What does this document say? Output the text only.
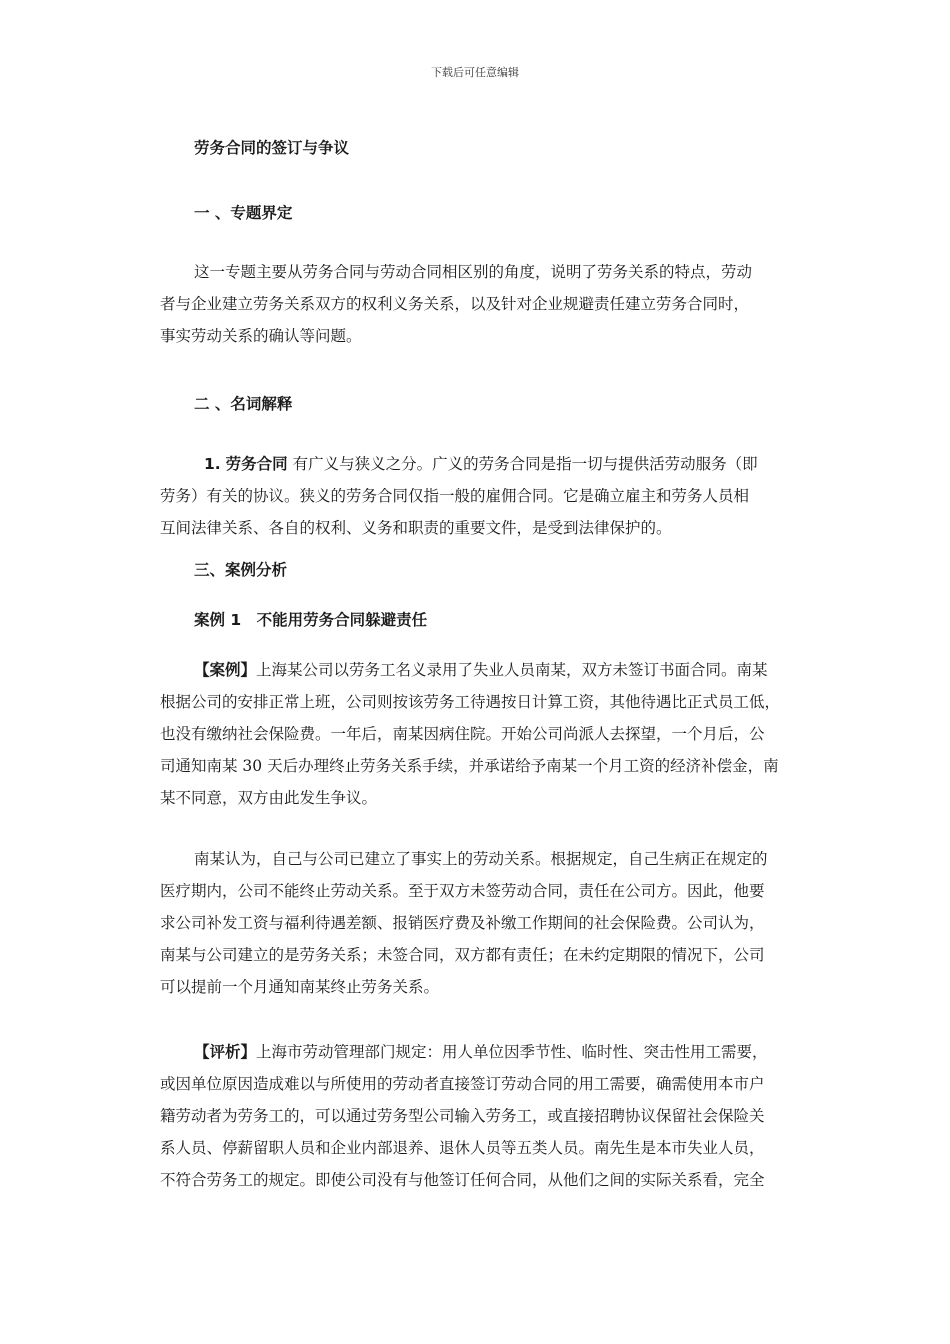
下载后可任意编辑
劳务合同的签订与争议
一 、专题界定
这一专题主要从劳务合同与劳动合同相区别的角度，说明了劳务关系的特点，劳动
者与企业建立劳务关系双方的权利义务关系，以及针对企业规避责任建立劳务合同时，
事实劳动关系的确认等问题。
二 、名词解释
1. 劳务合同 有广义与狭义之分。广义的劳务合同是指一切与提供活劳动服务（即
劳务）有关的协议。狭义的劳务合同仅指一般的雇佣合同。它是确立雇主和劳务人员相
互间法律关系、各自的权利、义务和职责的重要文件，是受到法律保护的。
三、案例分析
案例 1　不能用劳务合同躲避责任
【案例】上海某公司以劳务工名义录用了失业人员南某，双方未签订书面合同。南某
根据公司的安排正常上班，公司则按该劳务工待遇按日计算工资，其他待遇比正式员工低，
也没有缴纳社会保险费。一年后，南某因病住院。开始公司尚派人去探望，一个月后，公
司通知南某 30 天后办理终止劳务关系手续，并承诺给予南某一个月工资的经济补偿金，南
某不同意，双方由此发生争议。
南某认为，自己与公司已建立了事实上的劳动关系。根据规定，自己生病正在规定的
医疗期内，公司不能终止劳动关系。至于双方未签劳动合同，责任在公司方。因此，他要
求公司补发工资与福利待遇差额、报销医疗费及补缴工作期间的社会保险费。公司认为，
南某与公司建立的是劳务关系；未签合同，双方都有责任；在未约定期限的情况下，公司
可以提前一个月通知南某终止劳务关系。
【评析】上海市劳动管理部门规定：用人单位因季节性、临时性、突击性用工需要，
或因单位原因造成难以与所使用的劳动者直接签订劳动合同的用工需要，确需使用本市户
籍劳动者为劳务工的，可以通过劳务型公司输入劳务工，或直接招聘协议保留社会保险关
系人员、停薪留职人员和企业内部退养、退休人员等五类人员。南先生是本市失业人员，
不符合劳务工的规定。即使公司没有与他签订任何合同，从他们之间的实际关系看，完全
